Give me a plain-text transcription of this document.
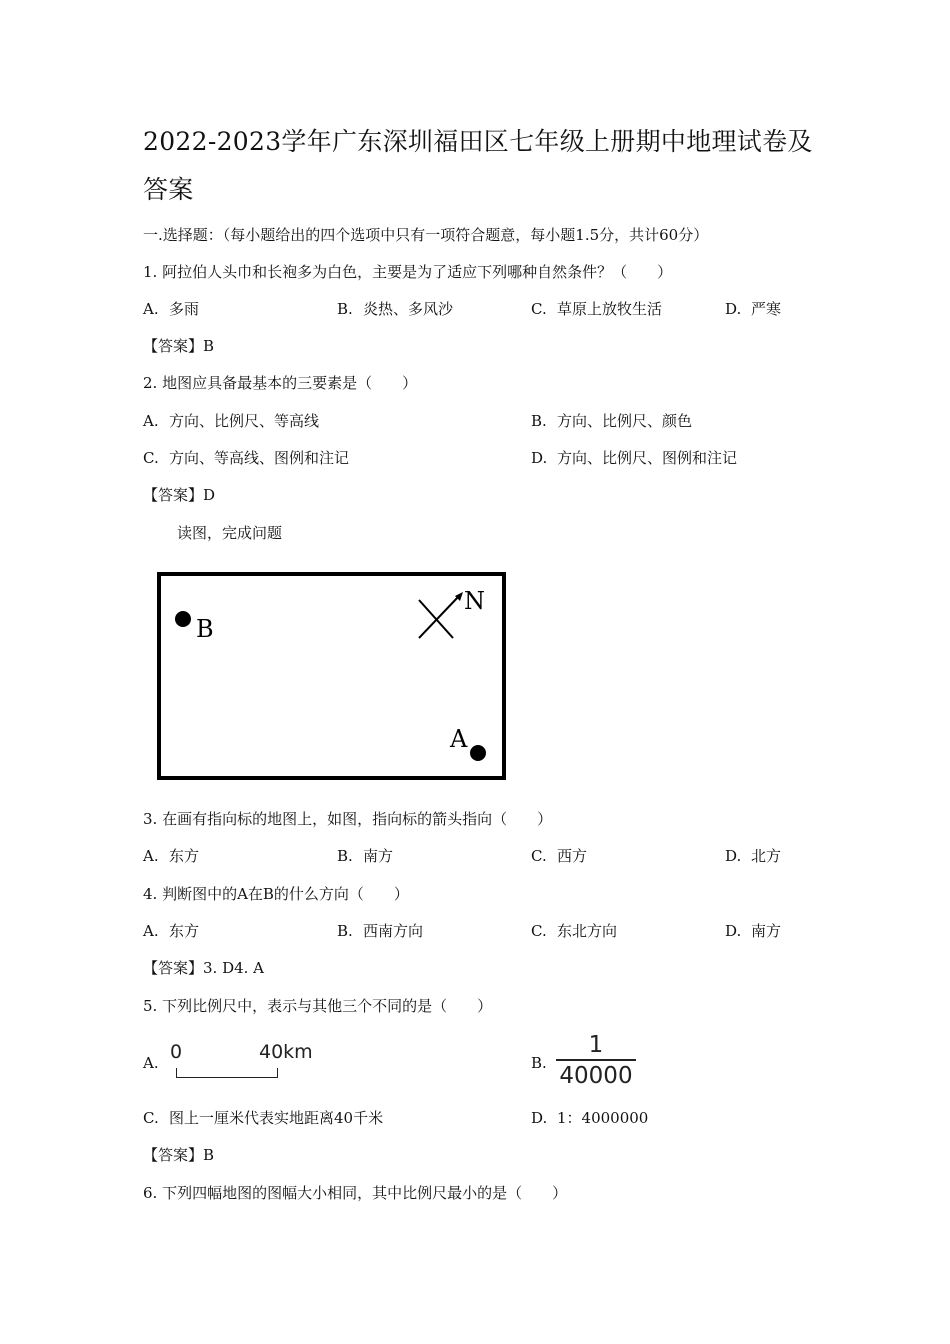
2022-2023学年广东深圳福田区七年级上册期中地理试卷及答案
一.选择题：（每小题给出的四个选项中只有一项符合题意，每小题1.5分，共计60分）
1. 阿拉伯人头巾和长袍多为白色，主要是为了适应下列哪种自然条件？（　　）
A. 多雨	B. 炎热、多风沙	C. 草原上放牧生活	D. 严寒
【答案】B
2. 地图应具备最基本的三要素是（　　）
A. 方向、比例尺、等高线	B. 方向、比例尺、颜色
C. 方向、等高线、图例和注记	D. 方向、比例尺、图例和注记
【答案】D
读图，完成问题
B
N
A
3. 在画有指向标的地图上，如图，指向标的箭头指向（　　）
A. 东方	B. 南方	C. 西方	D. 北方
4. 判断图中的A在B的什么方向（　　）
A. 东方	B. 西南方向	C. 东北方向	D. 南方
【答案】3. D4. A
5. 下列比例尺中，表示与其他三个不同的是（　　）
A. 0	40km	B.
1
40000
C. 图上一厘米代表实地距离40千米	D. 1：4000000
【答案】B
6. 下列四幅地图的图幅大小相同，其中比例尺最小的是（　　）
